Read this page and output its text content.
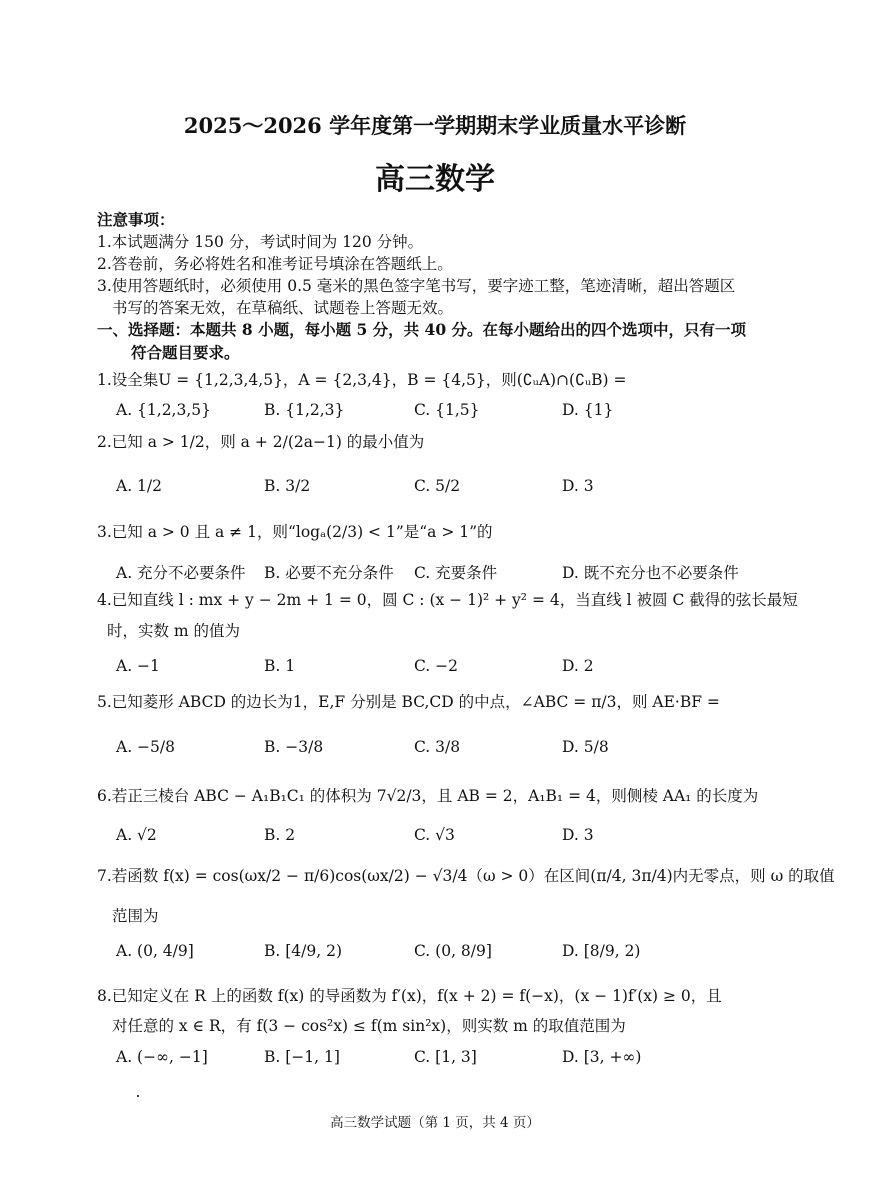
2025～2026 学年度第一学期期末学业质量水平诊断
高三数学
注意事项：
1.本试题满分 150 分，考试时间为 120 分钟。
2.答卷前，务必将姓名和准考证号填涂在答题纸上。
3.使用答题纸时，必须使用 0.5 毫米的黑色签字笔书写，要字迹工整，笔迹清晰，超出答题区
书写的答案无效，在草稿纸、试题卷上答题无效。
一、选择题：本题共 8 小题，每小题 5 分，共 40 分。在每小题给出的四个选项中，只有一项
符合题目要求。
1.设全集U = {1,2,3,4,5}，A = {2,3,4}，B = {4,5}，则(∁ᵤA)∩(∁ᵤB) =
A. {1,2,3,5}	B. {1,2,3}	C. {1,5}	D. {1}
2.已知 a > 1/2，则 a + 2/(2a−1) 的最小值为
A. 1/2	B. 3/2	C. 5/2	D. 3
3.已知 a > 0 且 a ≠ 1，则“logₐ(2/3) < 1”是“a > 1”的
A. 充分不必要条件 B. 必要不充分条件 C. 充要条件	D. 既不充分也不必要条件
4.已知直线 l : mx + y − 2m + 1 = 0，圆 C : (x − 1)² + y² = 4，当直线 l 被圆 C 截得的弦长最短
时，实数 m 的值为
A. −1	B. 1	C. −2	D. 2
5.已知菱形 ABCD 的边长为1，E,F 分别是 BC,CD 的中点，∠ABC = π/3，则 AE·BF =
A. −5/8	B. −3/8	C. 3/8	D. 5/8
6.若正三棱台 ABC − A₁B₁C₁ 的体积为 7√2/3，且 AB = 2，A₁B₁ = 4，则侧棱 AA₁ 的长度为
A. √2	B. 2	C. √3	D. 3
7.若函数 f(x) = cos(ωx/2 − π/6)cos(ωx/2) − √3/4（ω > 0）在区间(π/4, 3π/4)内无零点，则 ω 的取值
范围为
A. (0, 4/9]	B. [4/9, 2)	C. (0, 8/9]	D. [8/9, 2)
8.已知定义在 R 上的函数 f(x) 的导函数为 f′(x)，f(x + 2) = f(−x)，(x − 1)f′(x) ≥ 0，且
对任意的 x ∈ R，有 f(3 − cos²x) ≤ f(m sin²x)，则实数 m 的取值范围为
A. (−∞, −1]	B. [−1, 1]	C. [1, 3]	D. [3, +∞)
高三数学试题（第 1 页，共 4 页）
